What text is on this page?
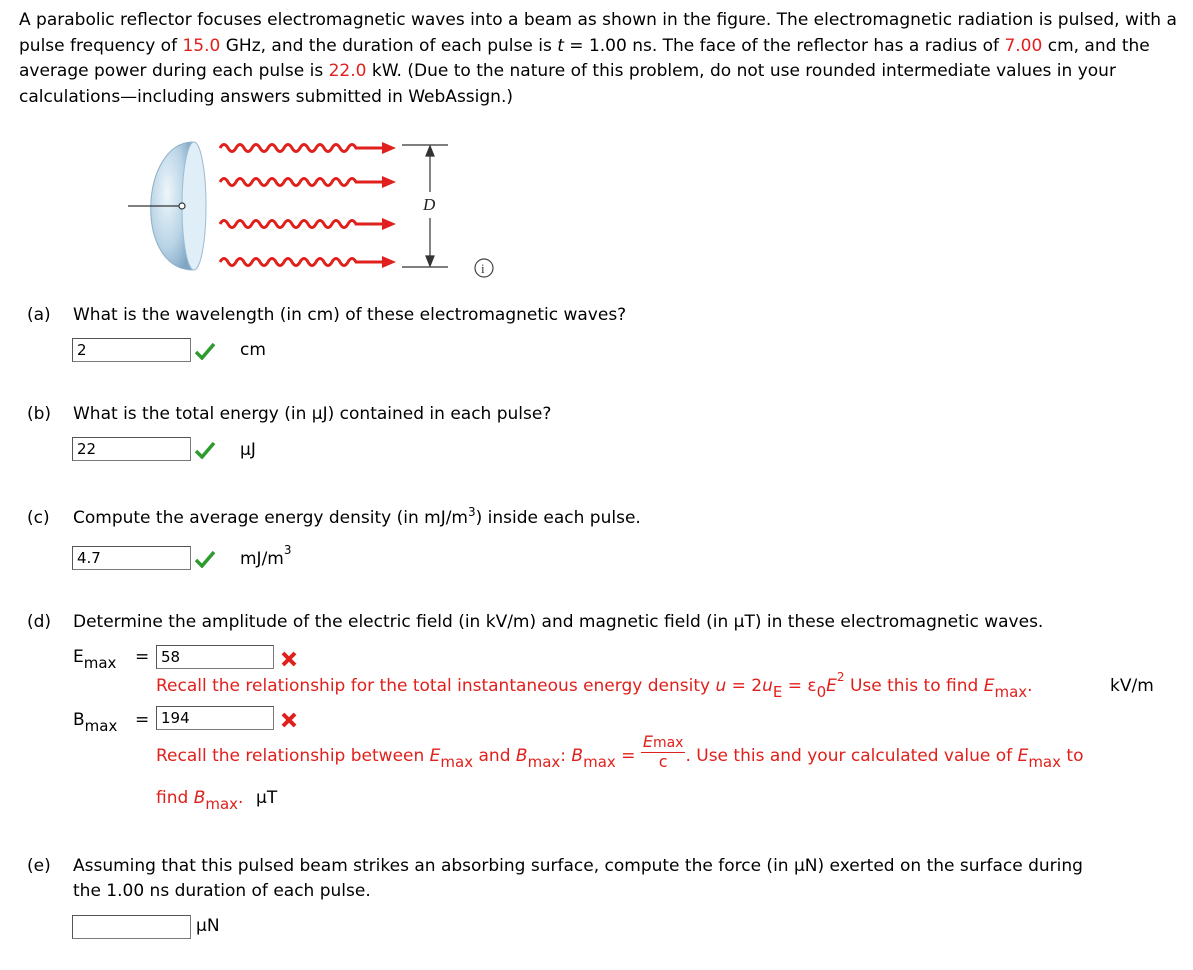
A parabolic reflector focuses electromagnetic waves into a beam as shown in the figure. The electromagnetic radiation is pulsed, with a pulse frequency of 15.0 GHz, and the duration of each pulse is t = 1.00 ns. The face of the reflector has a radius of 7.00 cm, and the average power during each pulse is 22.0 kW. (Due to the nature of this problem, do not use rounded intermediate values in your calculations—including answers submitted in WebAssign.)
D
i
(a) What is the wavelength (in cm) of these electromagnetic waves?
2	cm
(b) What is the total energy (in μJ) contained in each pulse?
22	μJ
(c) Compute the average energy density (in $mJ/m^3$) inside each pulse.
4.7	$mJ/m^3$
(d) Determine the amplitude of the electric field (in kV/m) and magnetic field (in μT) in these electromagnetic waves.
Emax = 58
Recall the relationship for the total instantaneous energy density $u = 2uE = \varepsilon 0E^2$ Use this to find Emax.	kV/m
Bmax = 194
Recall the relationship between Emax and Bmax: $Bmax = \frac{Emax}{c}$ . Use this and your calculated value of Emax to
find Bmax. μT
(e) Assuming that this pulsed beam strikes an absorbing surface, compute the force (in μN) exerted on the surface during
the 1.00 ns duration of each pulse.
μN
